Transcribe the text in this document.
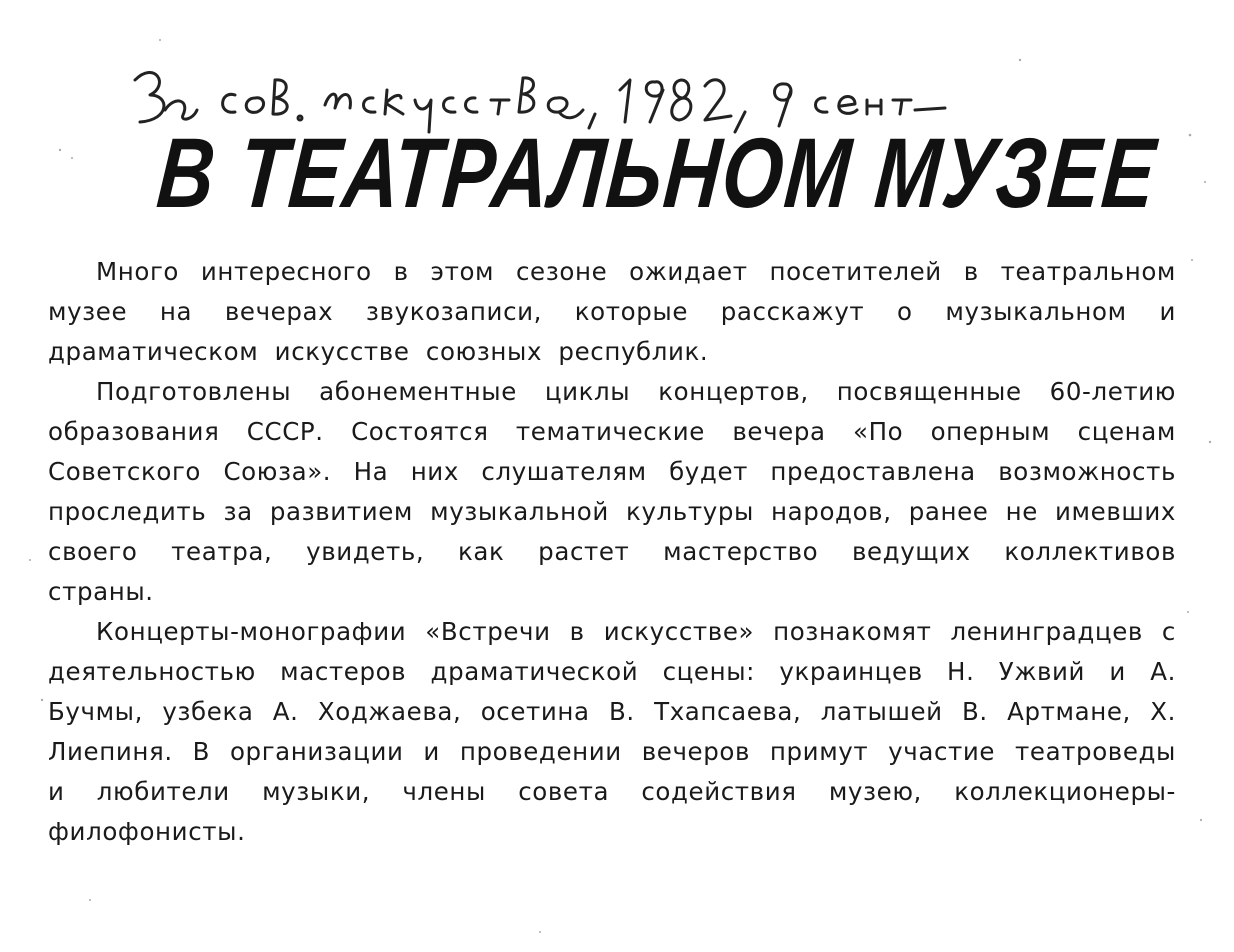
В ТЕАТРАЛЬНОМ МУЗЕЕ

Много интересного в этом сезоне ожидает посетителей в театральном музее на вечерах звукозаписи, которые расскажут о музыкальном и драматическом искусстве союзных республик.

Подготовлены абонементные циклы концертов, посвященные 60-летию образования СССР. Состоятся тематические вечера «По оперным сценам Советского Союза». На них слушателям будет предоставлена возможность проследить за развитием музыкальной культуры народов, ранее не имевших своего театра, увидеть, как растет мастерство ведущих коллективов страны.

Концерты-монографии «Встречи в искусстве» познакомят ленинградцев с деятельностью мастеров драматической сцены: украинцев Н. Ужвий и А. Бучмы, узбека А. Ходжаева, осетина В. Тхапсаева, латышей В. Артмане, Х. Лиепиня. В организации и проведении вечеров примут участие театроведы и любители музыки, члены совета содействия музею, коллекционеры-филофонисты.
